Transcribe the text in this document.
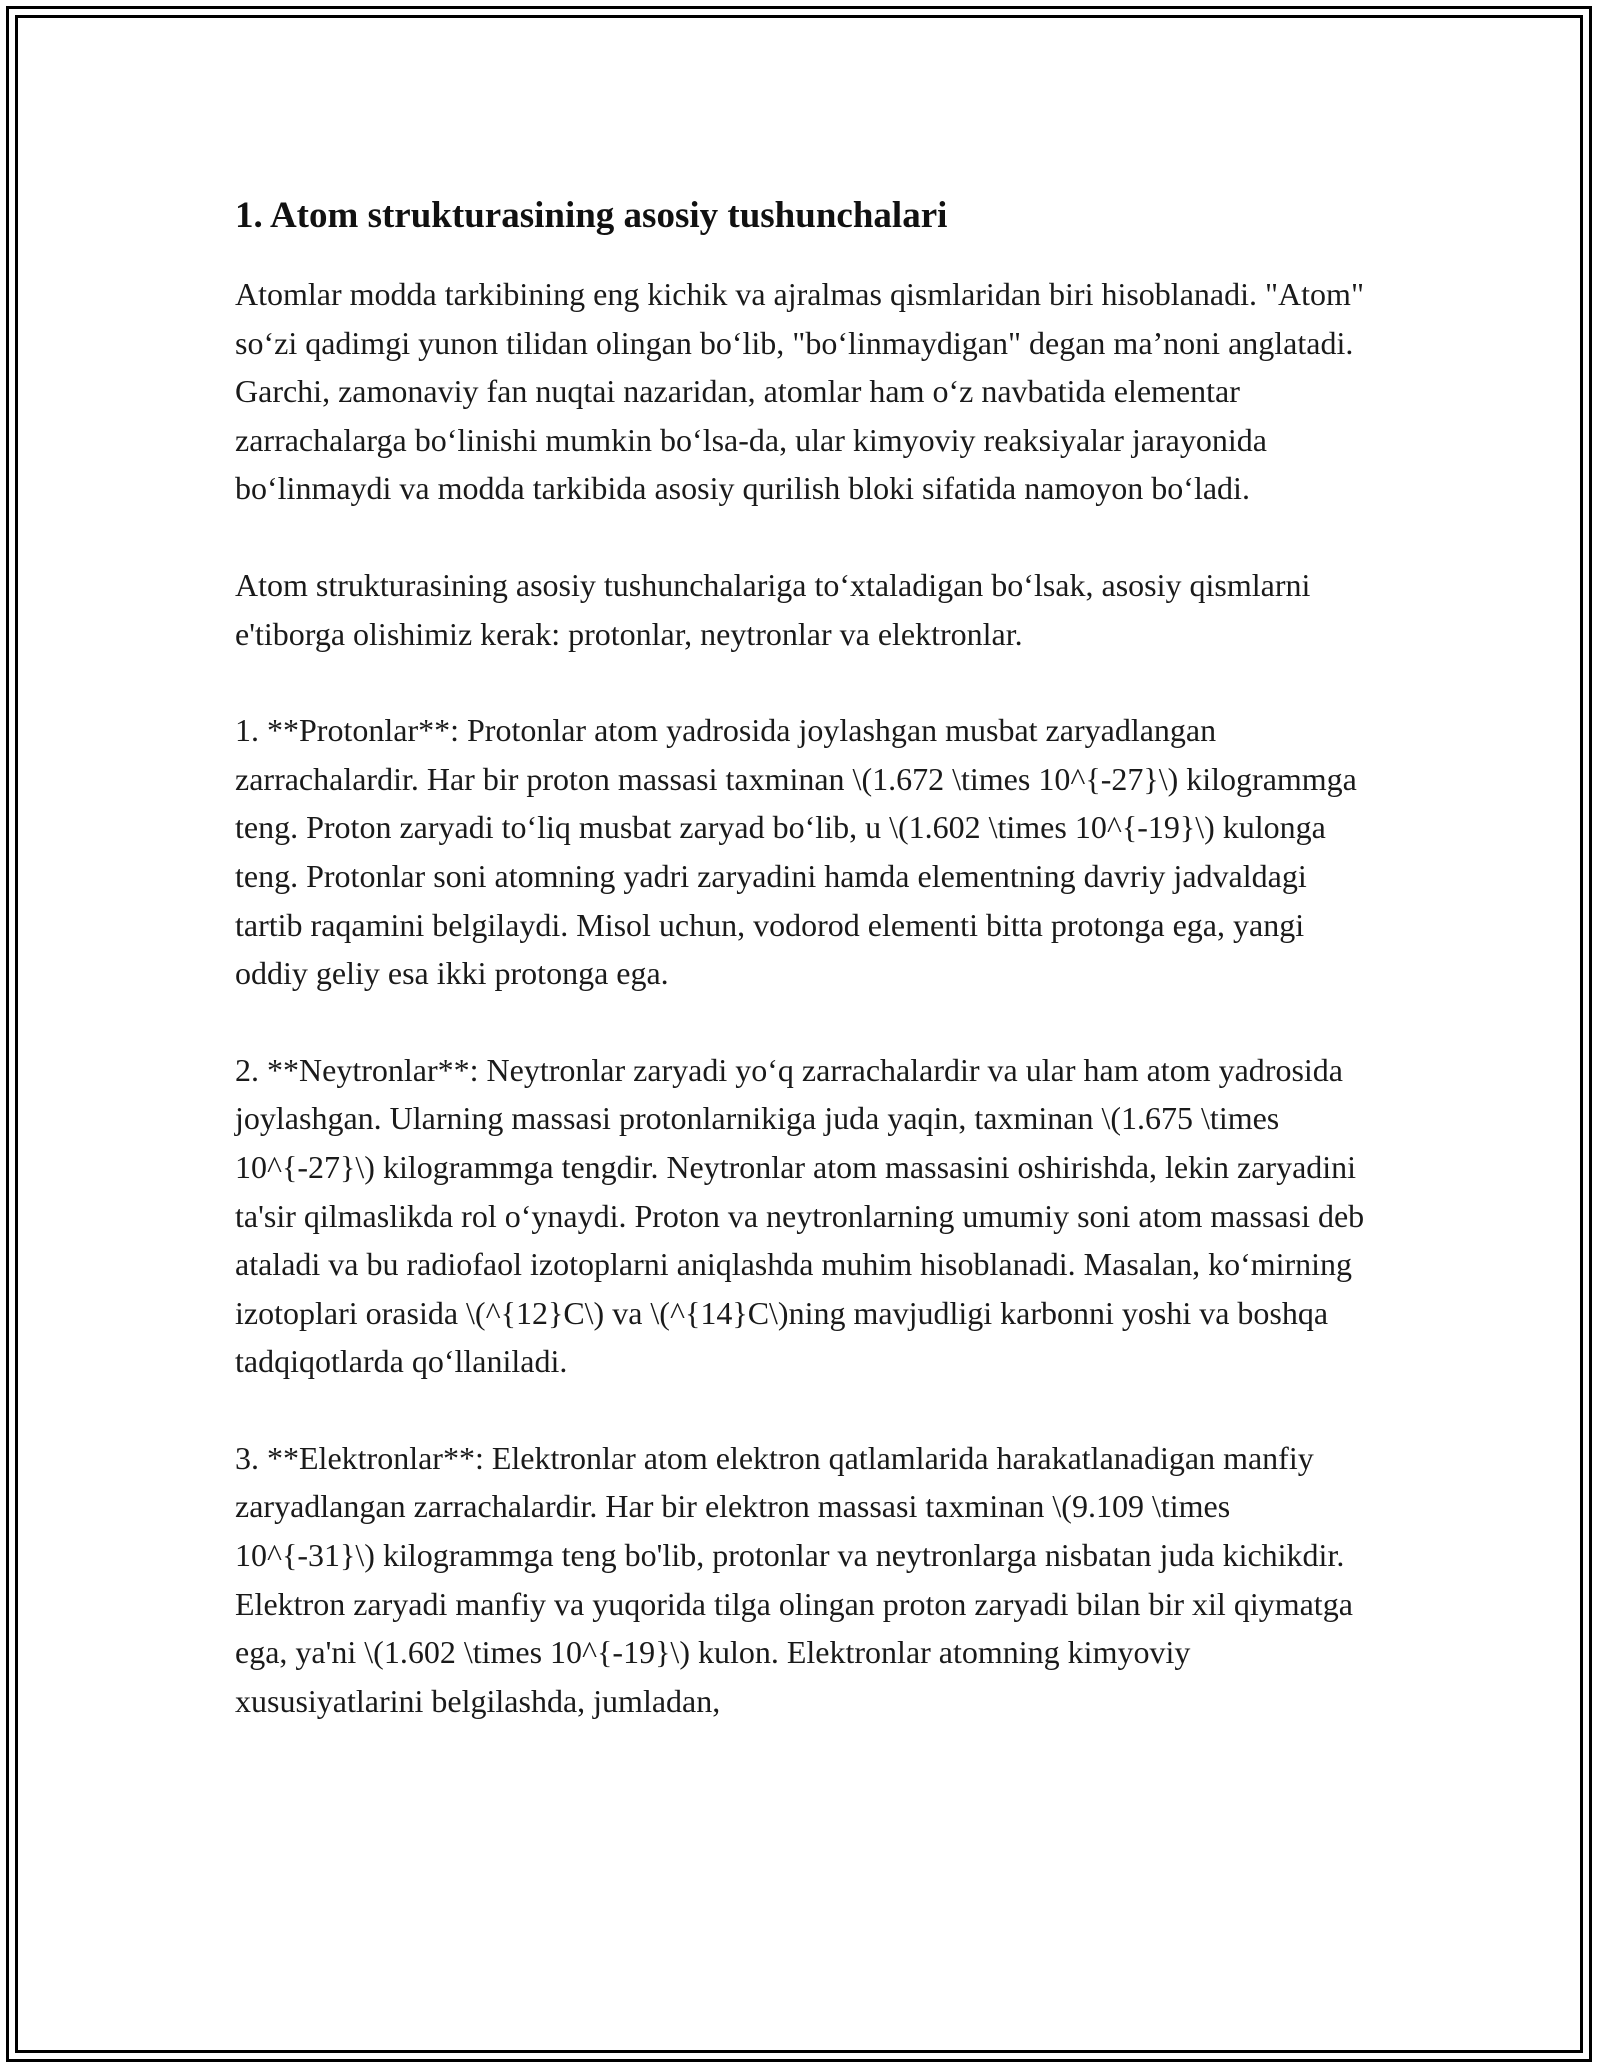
1. Atom strukturasining asosiy tushunchalari

Atomlar modda tarkibining eng kichik va ajralmas qismlaridan biri hisoblanadi. "Atom" so‘zi qadimgi yunon tilidan olingan bo‘lib, "bo‘linmaydigan" degan ma’noni anglatadi. Garchi, zamonaviy fan nuqtai nazaridan, atomlar ham o‘z navbatida elementar zarrachalarga bo‘linishi mumkin bo‘lsa-da, ular kimyoviy reaksiyalar jarayonida bo‘linmaydi va modda tarkibida asosiy qurilish bloki sifatida namoyon bo‘ladi.

Atom strukturasining asosiy tushunchalariga to‘xtaladigan bo‘lsak, asosiy qismlarni e'tiborga olishimiz kerak: protonlar, neytronlar va elektronlar.

1. **Protonlar**: Protonlar atom yadrosida joylashgan musbat zaryadlangan zarrachalardir. Har bir proton massasi taxminan \(1.672 \times 10^{-27}\) kilogrammga teng. Proton zaryadi to‘liq musbat zaryad bo‘lib, u \(1.602 \times 10^{-19}\) kulonga teng. Protonlar soni atomning yadri zaryadini hamda elementning davriy jadvaldagi tartib raqamini belgilaydi. Misol uchun, vodorod elementi bitta protonga ega, yangi oddiy geliy esa ikki protonga ega.

2. **Neytronlar**: Neytronlar zaryadi yo‘q zarrachalardir va ular ham atom yadrosida joylashgan. Ularning massasi protonlarnikiga juda yaqin, taxminan \(1.675 \times 10^{-27}\) kilogrammga tengdir. Neytronlar atom massasini oshirishda, lekin zaryadini ta'sir qilmaslikda rol o‘ynaydi. Proton va neytronlarning umumiy soni atom massasi deb ataladi va bu radiofaol izotoplarni aniqlashda muhim hisoblanadi. Masalan, ko‘mirning izotoplari orasida \(^{12}C\) va \(^{14}C\)ning mavjudligi karbonni yoshi va boshqa tadqiqotlarda qo‘llaniladi.

3. **Elektronlar**: Elektronlar atom elektron qatlamlarida harakatlanadigan manfiy zaryadlangan zarrachalardir. Har bir elektron massasi taxminan \(9.109 \times 10^{-31}\) kilogrammga teng bo'lib, protonlar va neytronlarga nisbatan juda kichikdir. Elektron zaryadi manfiy va yuqorida tilga olingan proton zaryadi bilan bir xil qiymatga ega, ya'ni \(1.602 \times 10^{-19}\) kulon. Elektronlar atomning kimyoviy xususiyatlarini belgilashda, jumladan,
